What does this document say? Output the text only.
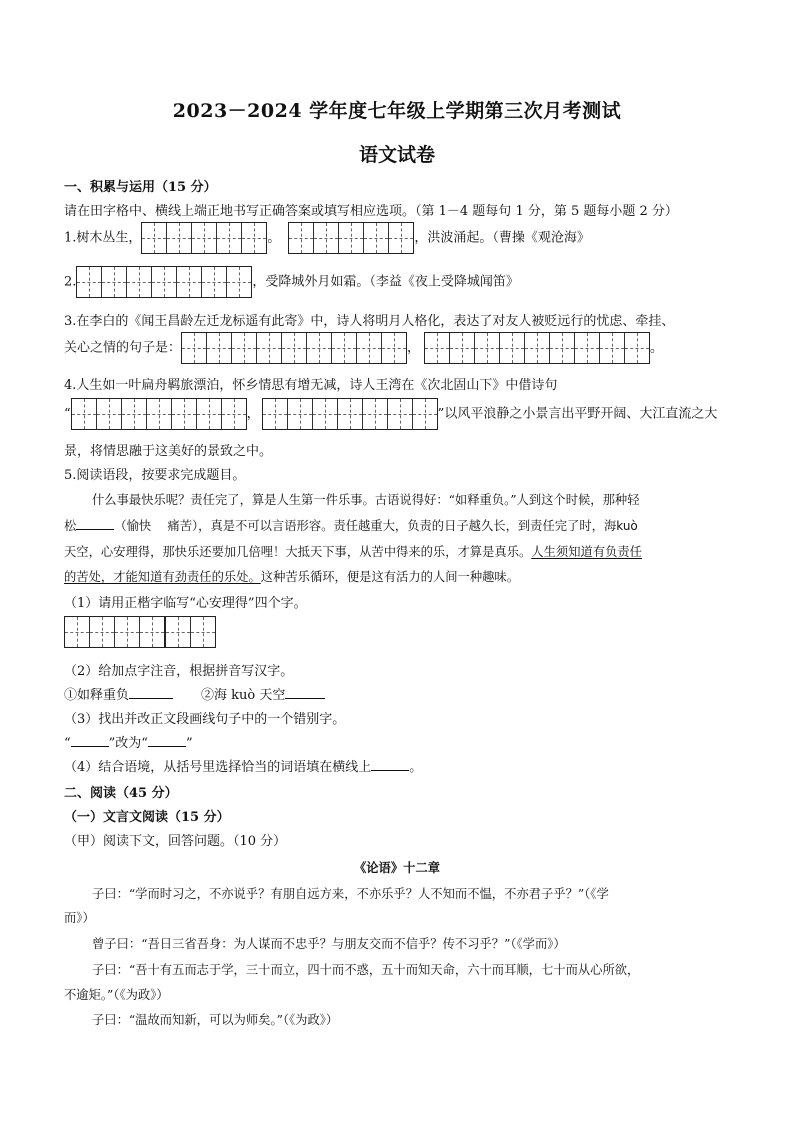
2023－2024 学年度七年级上学期第三次月考测试
语文试卷
一、积累与运用（15 分）
请在田字格中、横线上端正地书写正确答案或填写相应选项。（第 1－4 题每句 1 分，第 5 题每小题 2 分）
1.树木丛生，	。	，洪波涌起。（曹操《观沧海》
2.	，受降城外月如霜。（李益《夜上受降城闻笛》
3.在李白的《闻王昌龄左迁龙标遥有此寄》中，诗人将明月人格化，表达了对友人被贬远行的忧虑、牵挂、
关心之情的句子是：	，	。
4.人生如一叶扁舟羁旅漂泊，怀乡情思有增无减，诗人王湾在《次北固山下》中借诗句
“	，	”以风平浪静之小景言出平野开阔、大江直流之大
景，将情思融于这美好的景致之中。
5.阅读语段，按要求完成题目。
什么事最快乐呢？责任完了，算是人生第一件乐事。古语说得好：“如释重负。”人到这个时候，那种轻
松	（愉快　 痛苦），真是不可以言语形容。责任越重大，负责的日子越久长，到责任完了时，海kuò
天空，心安理得，那快乐还要加几倍哩！大抵天下事，从苦中得来的乐，才算是真乐。人生须知道有负责任
的苦处，才能知道有劲责任的乐处。这种苦乐循环，便是这有活力的人间一种趣味。
（1）请用正楷字临写“心安理得”四个字。

（2）给加点字注音，根据拼音写汉字。
①如释重负	②海 kuò 天空
（3）找出并改正文段画线句子中的一个错别字。
“	”改为“	”
（4）结合语境，从括号里选择恰当的词语填在横线上	。
二、阅读（45 分）
（一）文言文阅读（15 分）
（甲）阅读下文，回答问题。（10 分）
《论语》十二章
子曰：“学而时习之，不亦说乎？有朋自远方来，不亦乐乎？人不知而不愠，不亦君子乎？”（《学
而》）
曾子曰：“吾日三省吾身：为人谋而不忠乎？与朋友交而不信乎？传不习乎？”（《学而》）
子曰：“吾十有五而志于学，三十而立，四十而不惑，五十而知天命，六十而耳顺，七十而从心所欲，
不逾矩。”（《为政》）
子曰：“温故而知新，可以为师矣。”（《为政》）
